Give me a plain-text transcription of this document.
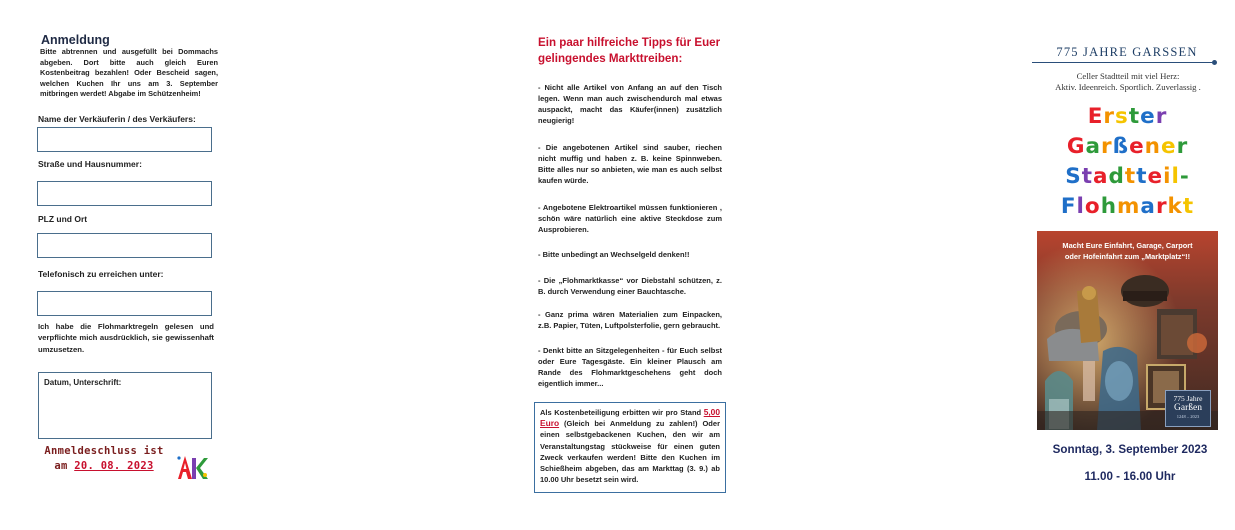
Anmeldung
Bitte abtrennen und ausgefüllt bei Dommachs abgeben. Dort bitte auch gleich Euren Kostenbeitrag bezahlen! Oder Bescheid sagen, welchen Kuchen Ihr uns am 3. September mitbringen werdet! Abgabe im Schützenheim!
Name der Verkäuferin / des Verkäufers:
Straße und Hausnummer:
PLZ und Ort
Telefonisch zu erreichen unter:
Ich habe die Flohmarktregeln gelesen und verpflichte mich ausdrücklich, sie gewissenhaft umzusetzen.
Datum, Unterschrift:
Anmeldeschluss ist
am 20. 08. 2023
Ein paar hilfreiche Tipps für Euer gelingendes Markttreiben:
- Nicht alle Artikel von Anfang an auf den Tisch legen. Wenn man auch zwischendurch mal etwas auspackt, macht das Käufer(innen) zusätzlich neugierig!
- Die angebotenen Artikel sind sauber, riechen nicht muffig und haben z. B. keine Spinnweben. Bitte alles nur so anbieten, wie man es auch selbst kaufen würde.
- Angebotene Elektroartikel müssen funktionieren , schön wäre natürlich eine aktive Steckdose zum Ausprobieren.
- Bitte unbedingt an Wechselgeld denken!!
- Die „Flohmarktkasse“ vor Diebstahl schützen, z. B. durch Verwendung einer Bauchtasche.
- Ganz prima wären Materialien zum Einpacken, z.B. Papier, Tüten, Luftpolsterfolie, gern gebraucht.
- Denkt bitte an Sitzgelegenheiten - für Euch selbst oder Eure Tagesgäste. Ein kleiner Plausch am Rande des Flohmarktgeschehens geht doch eigentlich immer...
Als Kostenbeteiligung erbitten wir pro Stand 5,00 Euro (Gleich bei Anmeldung zu zahlen!) Oder einen selbstgebackenen Kuchen, den wir am Veranstaltungstag stückweise für einen guten Zweck verkaufen werden! Bitte den Kuchen im Schießheim abgeben, das am Markttag (3. 9.) ab 10.00 Uhr besetzt sein wird.
775 JAHRE GARSSEN
Celler Stadtteil mit viel Herz:
Aktiv. Ideenreich. Sportlich. Zuverlassig .
Erster
Garßener
Stadtteil-
Flohmarkt
Macht Eure Einfahrt, Garage, Carport
oder Hofeinfahrt zum „Marktplatz“!!
775 Jahre
Garßen
1248 – 2023
Sonntag, 3. September 2023
11.00 - 16.00 Uhr
